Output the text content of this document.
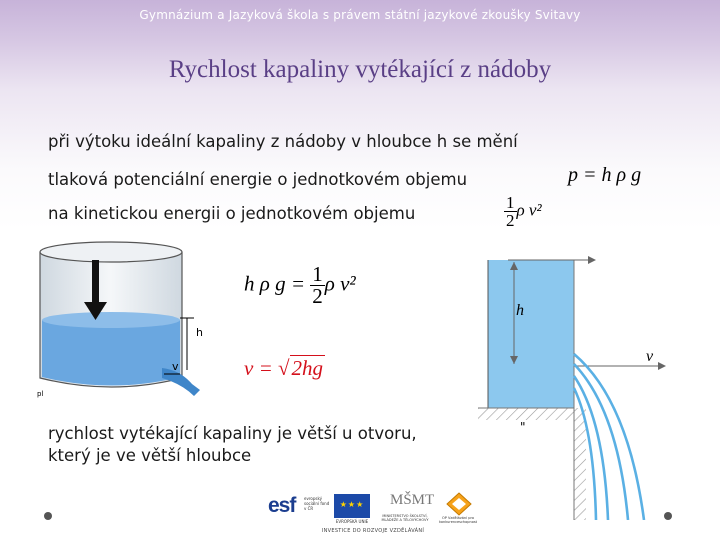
Gymnázium a Jazyková škola s právem státní jazykové zkoušky Svitavy
Rychlost kapaliny vytékající z nádoby
při výtoku ideální kapaliny z nádoby v hloubce h se mění
tlaková potenciální energie o jednotkovém objemu
na kinetickou energii o jednotkovém objemu
p = h ρ g
$\frac{1}{2}$ ρ v²
h ρ $g = \frac{1}{2}$ ρ v²
v = √2hg
h
v
pl
h
v
"
rychlost vytékající kapaliny je větší u otvoru,
který je ve větší hloubce
esf evropský sociální fond v ČR	★★★
EVROPSKÁ UNIE
MŠMT
MINISTERSTVO ŠKOLSTVÍ, MLÁDEŽE A TĚLOVÝCHOVY	OP Vzdělávání pro konkurenceschopnost
INVESTICE DO ROZVOJE VZDĚLÁVÁNÍ
